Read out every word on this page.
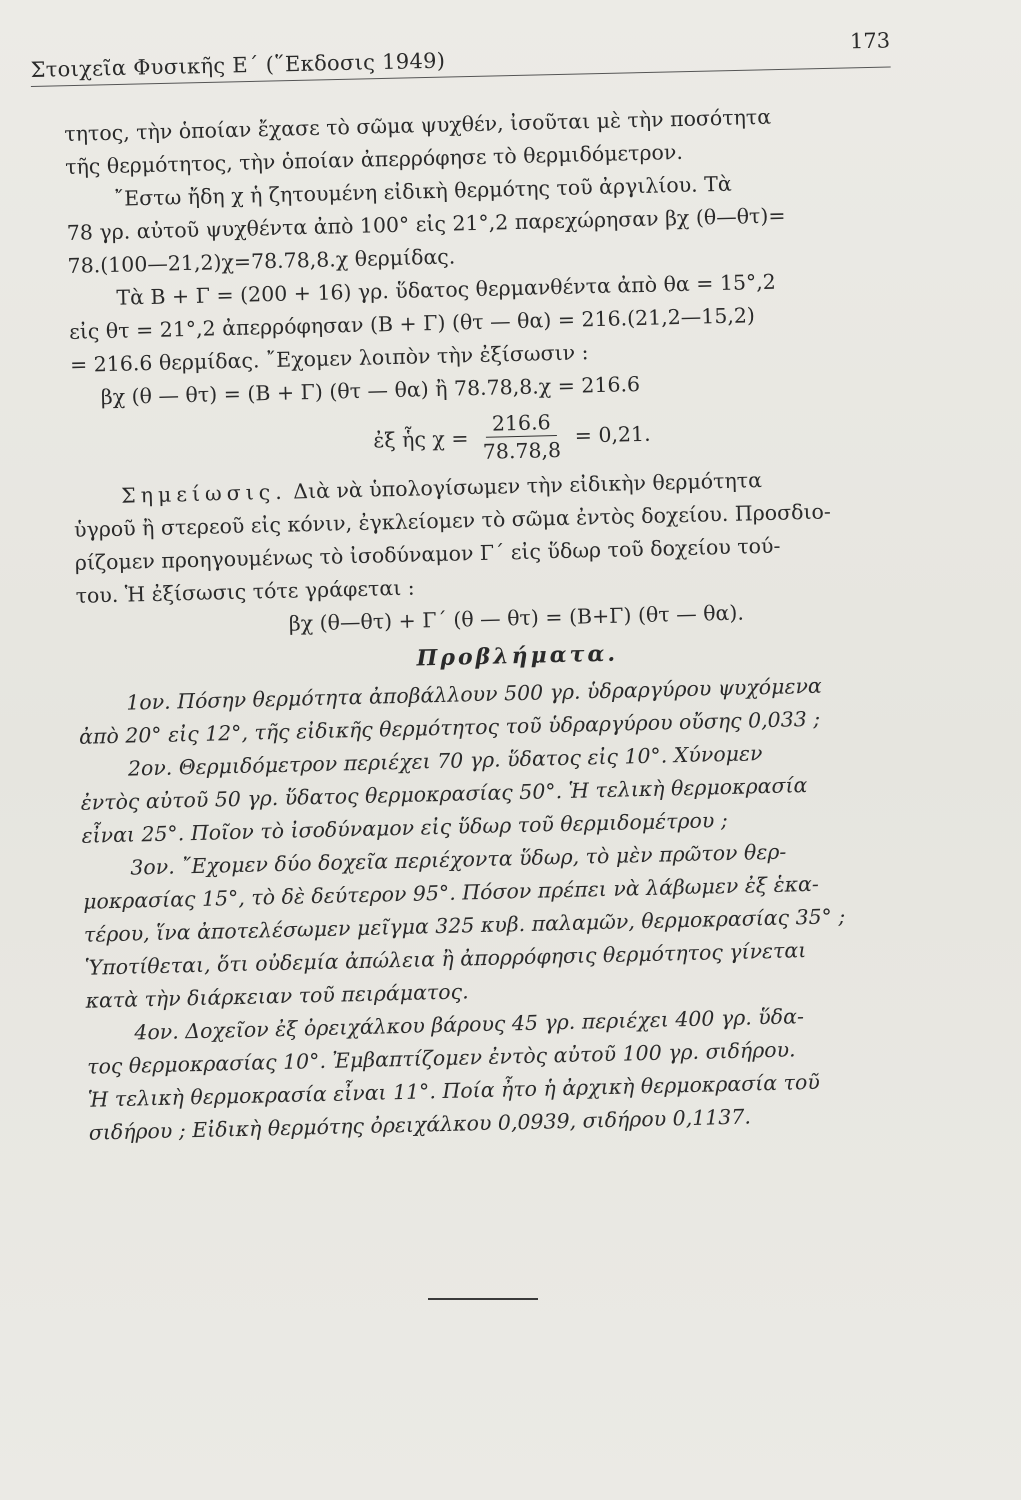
Στοιχεῖα Φυσικῆς Ε΄ (῞Εκδοσις 1949)
173
τητος, τὴν ὁποίαν ἔχασε τὸ σῶμα ψυχθέν, ἰσοῦται μὲ τὴν ποσότητα
τῆς θερμότητος, τὴν ὁποίαν ἀπερρόφησε τὸ θερμιδόμετρον.
῎Εστω ἤδη χ ἡ ζητουμένη εἰδικὴ θερμότης τοῦ ἀργιλίου. Τὰ
78 γρ. αὐτοῦ ψυχθέντα ἀπὸ 100° εἰς 21°,2 παρεχώρησαν βχ (θ—θτ)=
78.(100—21,2)χ=78.78,8.χ θερμίδας.
Τὰ Β + Γ = (200 + 16) γρ. ὕδατος θερμανθέντα ἀπὸ θα = 15°,2
εἰς θτ = 21°,2 ἀπερρόφησαν (Β + Γ) (θτ — θα) = 216.(21,2—15,2)
= 216.6 θερμίδας. ῎Εχομεν λοιπὸν τὴν ἐξίσωσιν :
βχ (θ — θτ) = (Β + Γ) (θτ — θα) ἢ 78.78,8.χ = 216.6
ἐξ ἧς $\chi = \frac{216.6}{78.78,8} = 0,21$.
Σημείωσις. Διὰ νὰ ὑπολογίσωμεν τὴν εἰδικὴν θερμότητα
ὑγροῦ ἢ στερεοῦ εἰς κόνιν, ἐγκλείομεν τὸ σῶμα ἐντὸς δοχείου. Προσδιο-
ρίζομεν προηγουμένως τὸ ἰσοδύναμον Γ΄ εἰς ὕδωρ τοῦ δοχείου τού-
του. Ἡ ἐξίσωσις τότε γράφεται :
βχ (θ—θτ) + Γ΄ (θ — θτ) = (Β+Γ) (θτ — θα).
Προβλήματα.
1ον. Πόσην θερμότητα ἀποβάλλουν 500 γρ. ὑδραργύρου ψυχόμενα
ἀπὸ 20° εἰς 12°, τῆς εἰδικῆς θερμότητος τοῦ ὑδραργύρου οὔσης 0,033 ;
2ον. Θερμιδόμετρον περιέχει 70 γρ. ὕδατος εἰς 10°. Χύνομεν
ἐντὸς αὐτοῦ 50 γρ. ὕδατος θερμοκρασίας 50°. Ἡ τελικὴ θερμοκρασία
εἶναι 25°. Ποῖον τὸ ἰσοδύναμον εἰς ὕδωρ τοῦ θερμιδομέτρου ;
3ον. ῎Εχομεν δύο δοχεῖα περιέχοντα ὕδωρ, τὸ μὲν πρῶτον θερ-
μοκρασίας 15°, τὸ δὲ δεύτερον 95°. Πόσον πρέπει νὰ λάβωμεν ἐξ ἑκα-
τέρου, ἵνα ἀποτελέσωμεν μεῖγμα 325 κυβ. παλαμῶν, θερμοκρασίας 35° ;
Ὑποτίθεται, ὅτι οὐδεμία ἀπώλεια ἢ ἀπορρόφησις θερμότητος γίνεται
κατὰ τὴν διάρκειαν τοῦ πειράματος.
4ον. Δοχεῖον ἐξ ὀρειχάλκου βάρους 45 γρ. περιέχει 400 γρ. ὕδα-
τος θερμοκρασίας 10°. Ἐμβαπτίζομεν ἐντὸς αὐτοῦ 100 γρ. σιδήρου.
Ἡ τελικὴ θερμοκρασία εἶναι 11°. Ποία ἦτο ἡ ἀρχικὴ θερμοκρασία τοῦ
σιδήρου ; Εἰδικὴ θερμότης ὀρειχάλκου 0,0939, σιδήρου 0,1137.
